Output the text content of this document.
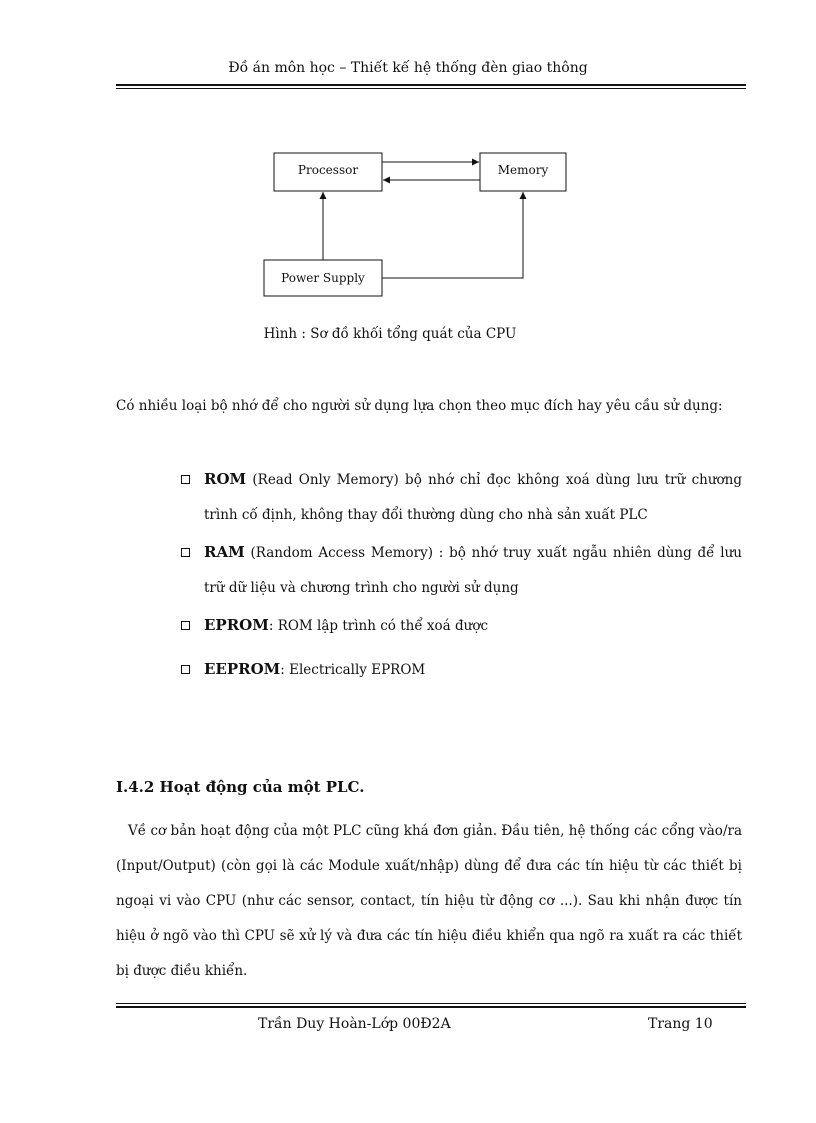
Đồ án môn học – Thiết kế hệ thống đèn giao thông
Processor	Memory
Power Supply
Hình : Sơ đồ khối tổng quát của CPU
Có nhiều loại bộ nhớ để cho người sử dụng lựa chọn theo mục đích hay yêu cầu sử dụng:
ROM (Read Only Memory) bộ nhớ chỉ đọc không xoá dùng lưu trữ chương trình cố định, không thay đổi thường dùng cho nhà sản xuất PLC
RAM (Random Access Memory) : bộ nhớ truy xuất ngẫu nhiên dùng để lưu trữ dữ liệu và chương trình cho người sử dụng
EPROM: ROM lập trình có thể xoá được
EEPROM: Electrically EPROM
I.4.2 Hoạt động của một PLC.
Về cơ bản hoạt động của một PLC cũng khá đơn giản. Đầu tiên, hệ thống các cổng vào/ra (Input/Output) (còn gọi là các Module xuất/nhập) dùng để đưa các tín hiệu từ các thiết bị ngoại vi vào CPU (như các sensor, contact, tín hiệu từ động cơ ...). Sau khi nhận được tín hiệu ở ngõ vào thì CPU sẽ xử lý và đưa các tín hiệu điều khiển qua ngõ ra xuất ra các thiết bị được điều khiển.
Trần Duy Hoàn-Lớp 00Đ2A	Trang 10
